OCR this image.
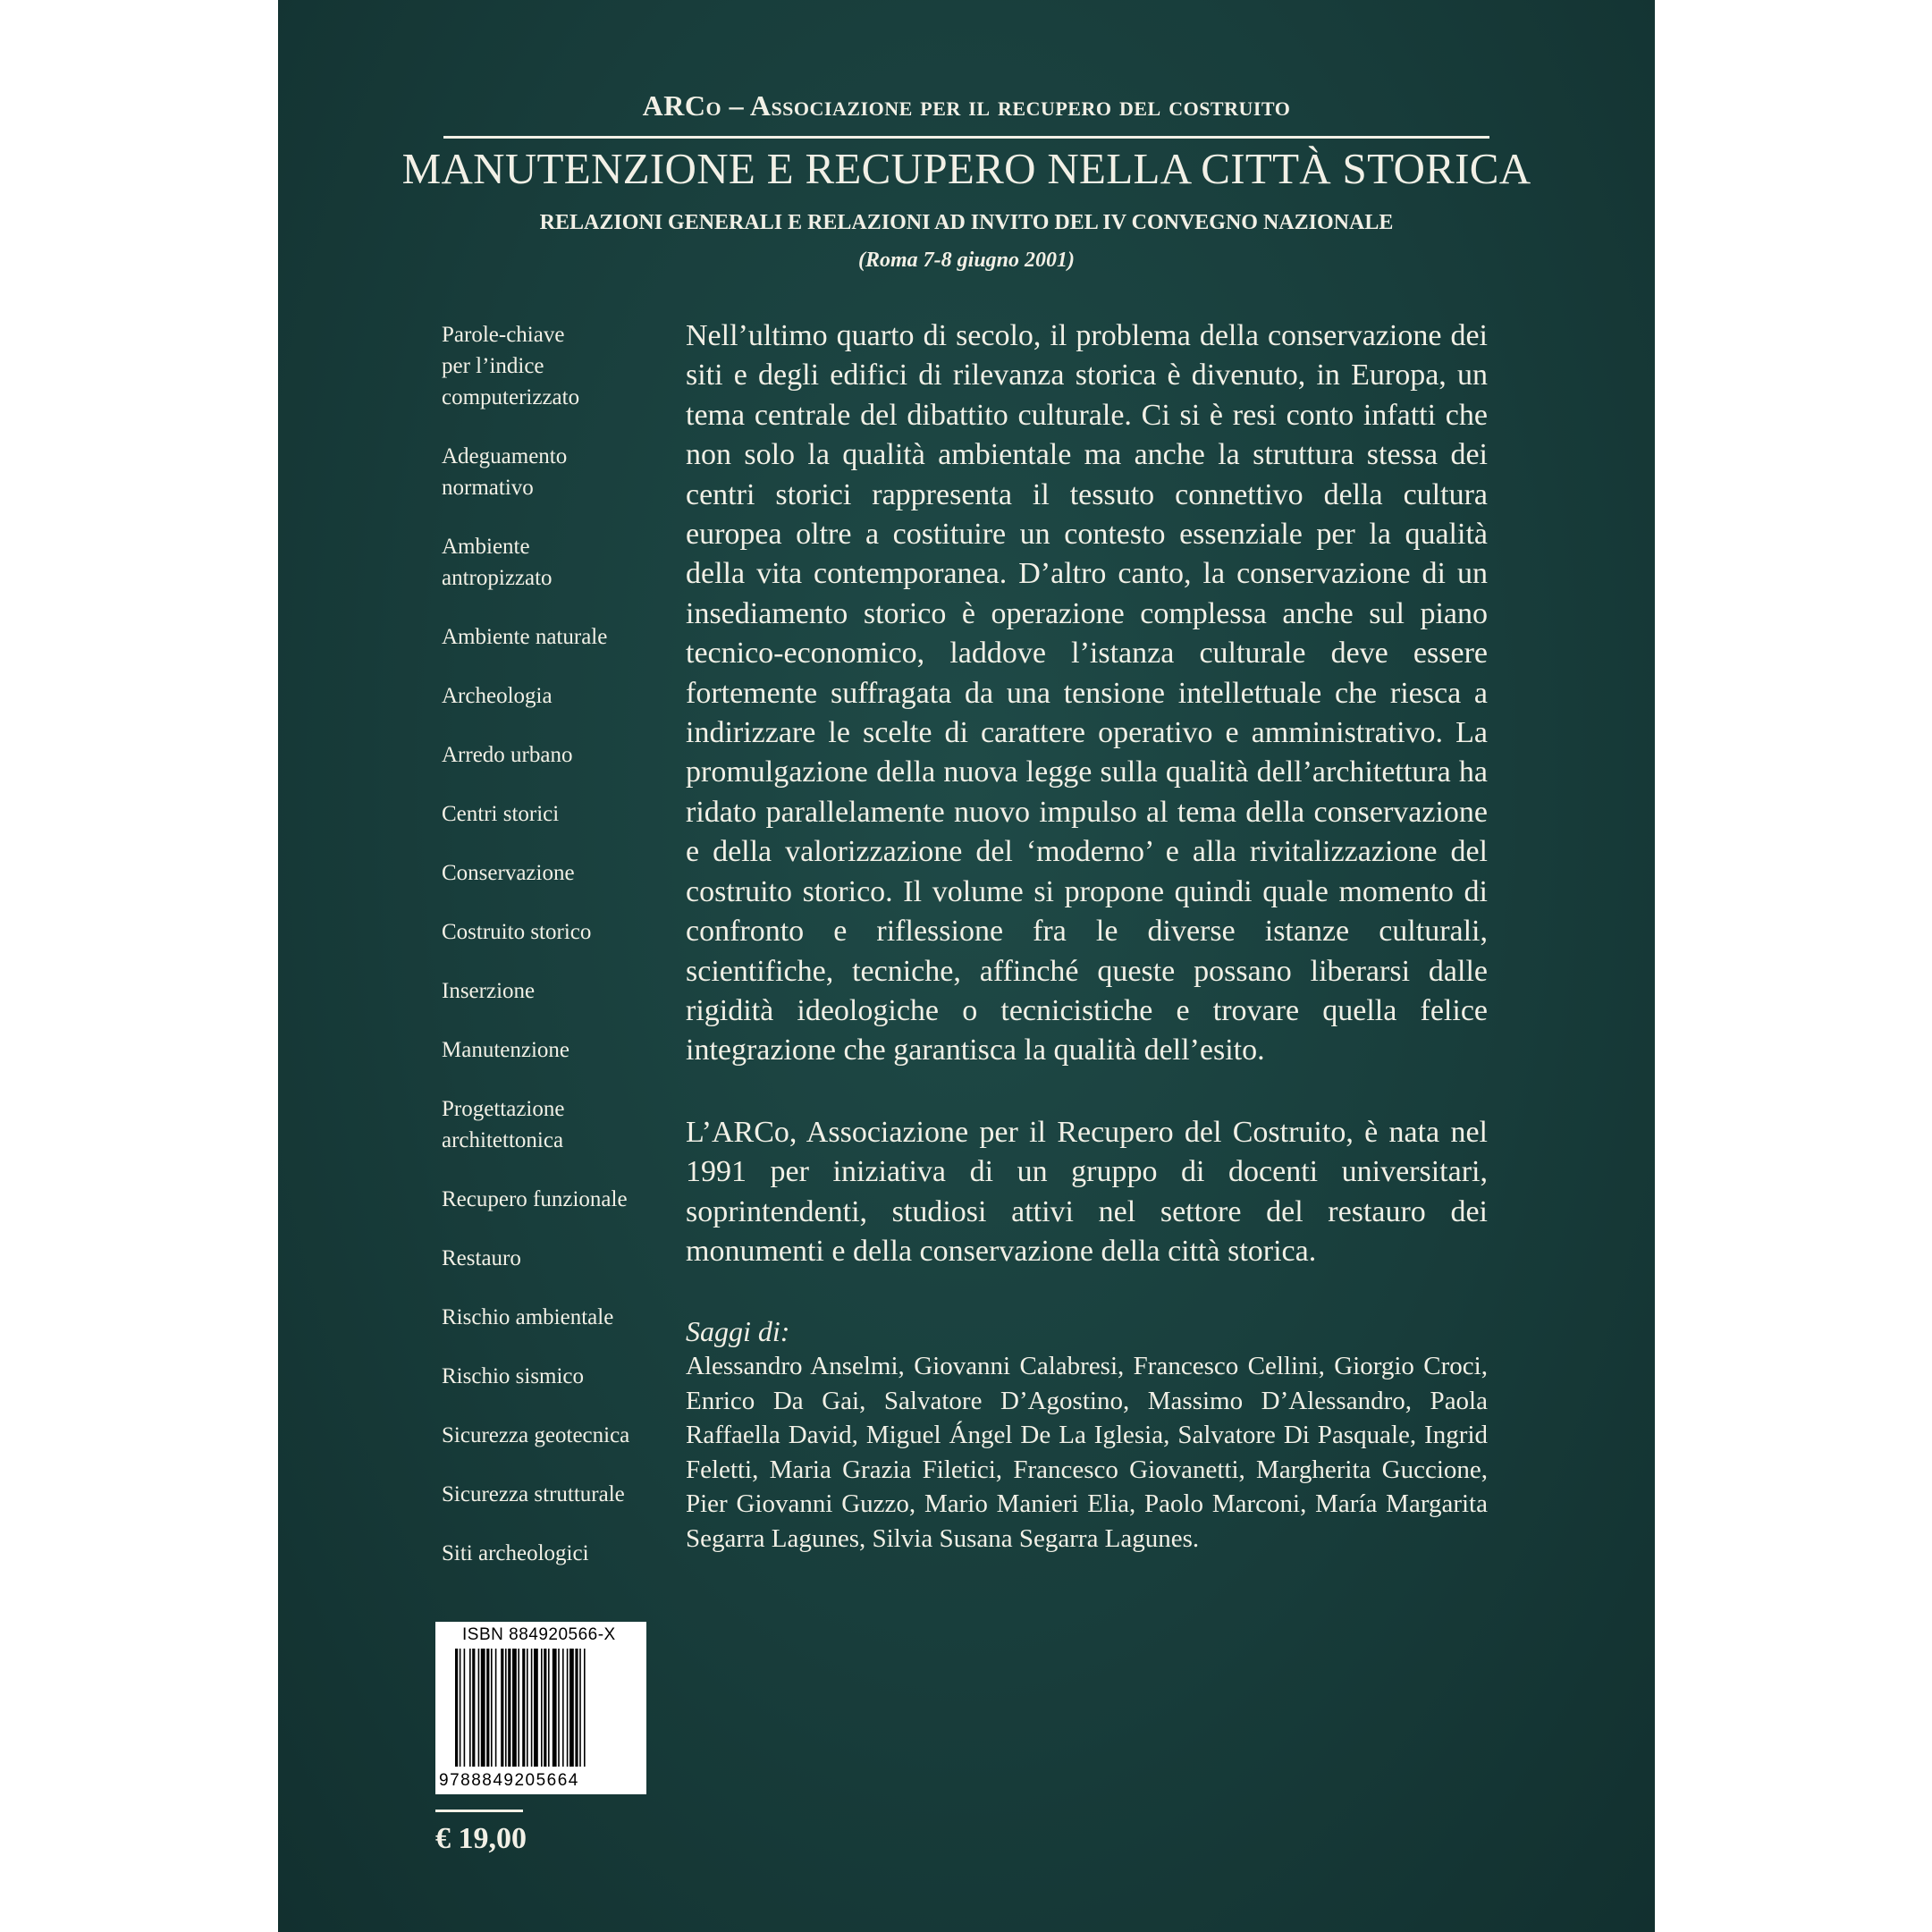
ARCo – Associazione per il recupero del costruito
MANUTENZIONE E RECUPERO NELLA CITTÀ STORICA
RELAZIONI GENERALI E RELAZIONI AD INVITO DEL IV CONVEGNO NAZIONALE
(Roma 7-8 giugno 2001)
Parole-chiave
per l’indice
computerizzato
Adeguamento
normativo
Ambiente
antropizzato
Ambiente naturale
Archeologia
Arredo urbano
Centri storici
Conservazione
Costruito storico
Inserzione
Manutenzione
Progettazione
architettonica
Recupero funzionale
Restauro
Rischio ambientale
Rischio sismico
Sicurezza geotecnica
Sicurezza strutturale
Siti archeologici

Nell’ultimo quarto di secolo, il problema della conservazione dei siti e degli edifici di rilevanza storica è divenuto, in Europa, un tema centrale del dibattito culturale. Ci si è resi conto infatti che non solo la qualità ambientale ma anche la struttura stessa dei centri storici rappresenta il tessuto connettivo della cultura europea oltre a costituire un contesto essenziale per la qualità della vita contemporanea. D’altro canto, la conservazione di un insediamento storico è operazione complessa anche sul piano tecnico-economico, laddove l’istanza culturale deve essere fortemente suffragata da una tensione intellettuale che riesca a indirizzare le scelte di carattere operativo e amministrativo. La promulgazione della nuova legge sulla qualità dell’architettura ha ridato parallelamente nuovo impulso al tema della conservazione e della valorizzazione del ‘moderno’ e alla rivitalizzazione del costruito storico. Il volume si propone quindi quale momento di confronto e riflessione fra le diverse istanze culturali, scientifiche, tecniche, affinché queste possano liberarsi dalle rigidità ideologiche o tecnicistiche e trovare quella felice integrazione che garantisca la qualità dell’esito.

L’ARCo, Associazione per il Recupero del Costruito, è nata nel 1991 per iniziativa di un gruppo di docenti universitari, soprintendenti, studiosi attivi nel settore del restauro dei monumenti e della conservazione della città storica.

Saggi di:

Alessandro Anselmi, Giovanni Calabresi, Francesco Cellini, Giorgio Croci, Enrico Da Gai, Salvatore D’Agostino, Massimo D’Alessandro, Paola Raffaella David, Miguel Ángel De La Iglesia, Salvatore Di Pasquale, Ingrid Feletti, Maria Grazia Filetici, Francesco Giovanetti, Margherita Guccione, Pier Giovanni Guzzo, Mario Manieri Elia, Paolo Marconi, María Margarita Segarra Lagunes, Silvia Susana Segarra Lagunes.

ISBN 884920566-X
9788849205664
€ 19,00
